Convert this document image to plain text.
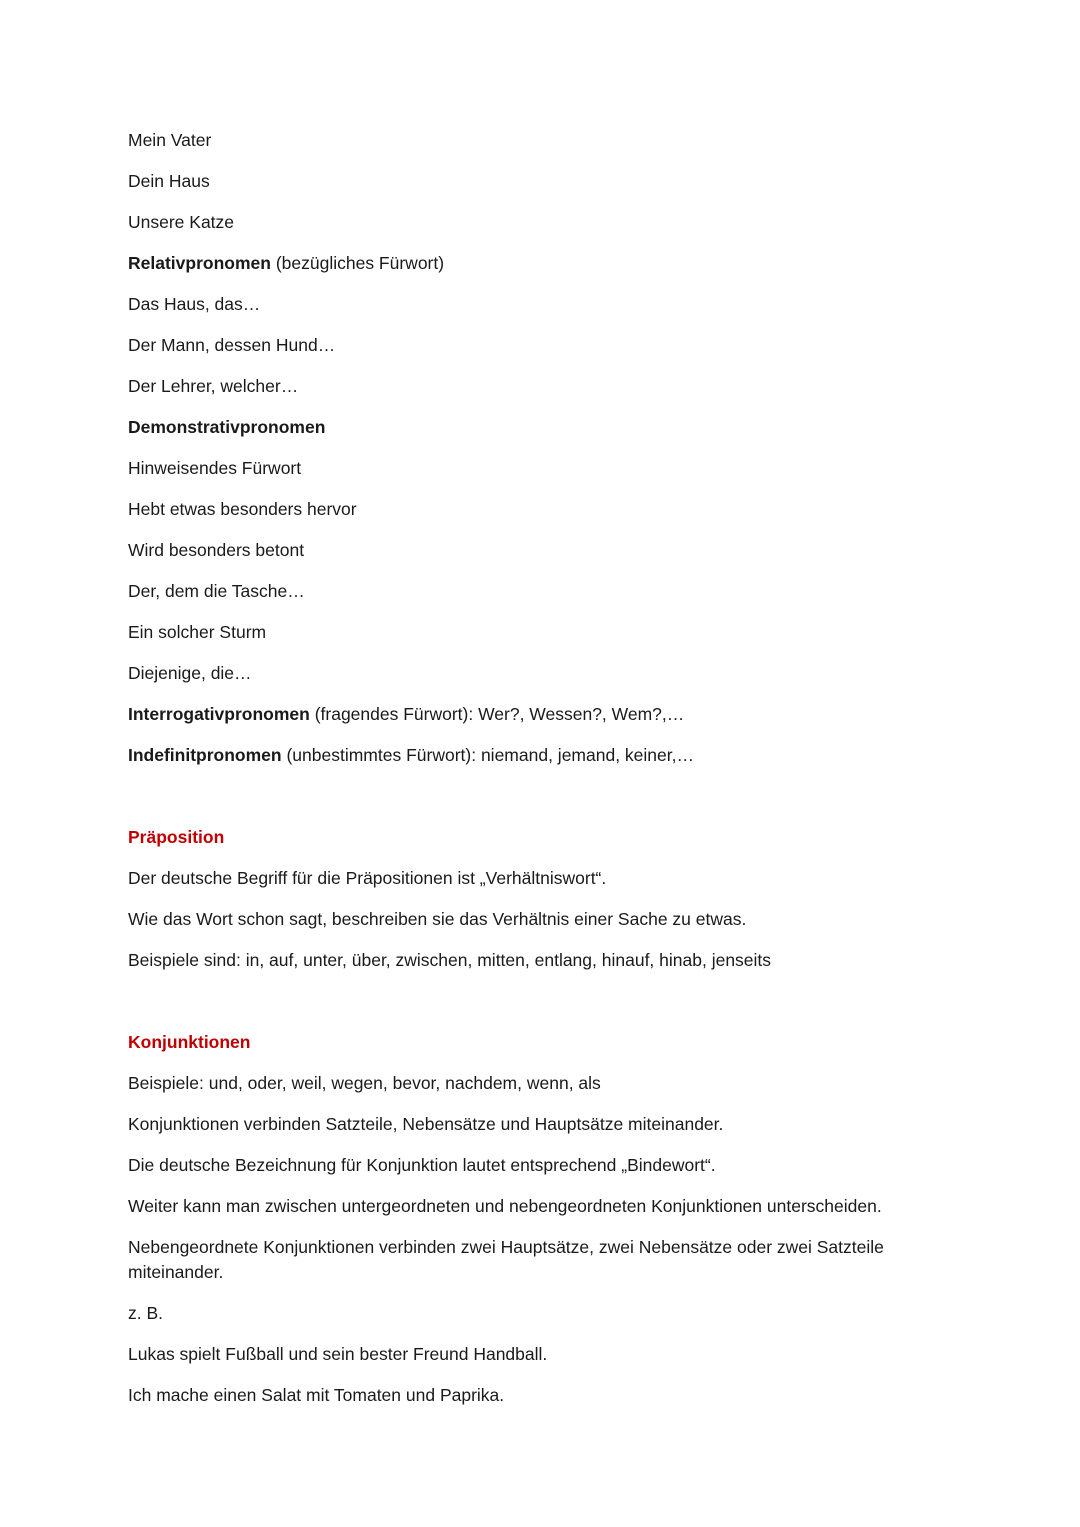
Mein Vater

Dein Haus

Unsere Katze

Relativpronomen (bezügliches Fürwort)

Das Haus, das…

Der Mann, dessen Hund…

Der Lehrer, welcher…

Demonstrativpronomen

Hinweisendes Fürwort

Hebt etwas besonders hervor

Wird besonders betont

Der, dem die Tasche…

Ein solcher Sturm

Diejenige, die…

Interrogativpronomen (fragendes Fürwort): Wer?, Wessen?, Wem?,…

Indefinitpronomen (unbestimmtes Fürwort): niemand, jemand, keiner,…

Präposition

Der deutsche Begriff für die Präpositionen ist „Verhältniswort“.

Wie das Wort schon sagt, beschreiben sie das Verhältnis einer Sache zu etwas.

Beispiele sind: in, auf, unter, über, zwischen, mitten, entlang, hinauf, hinab, jenseits

Konjunktionen

Beispiele: und, oder, weil, wegen, bevor, nachdem, wenn, als

Konjunktionen verbinden Satzteile, Nebensätze und Hauptsätze miteinander.

Die deutsche Bezeichnung für Konjunktion lautet entsprechend „Bindewort“.

Weiter kann man zwischen untergeordneten und nebengeordneten Konjunktionen unterscheiden.

Nebengeordnete Konjunktionen verbinden zwei Hauptsätze, zwei Nebensätze oder zwei Satzteile miteinander.

z. B.

Lukas spielt Fußball und sein bester Freund Handball.

Ich mache einen Salat mit Tomaten und Paprika.
